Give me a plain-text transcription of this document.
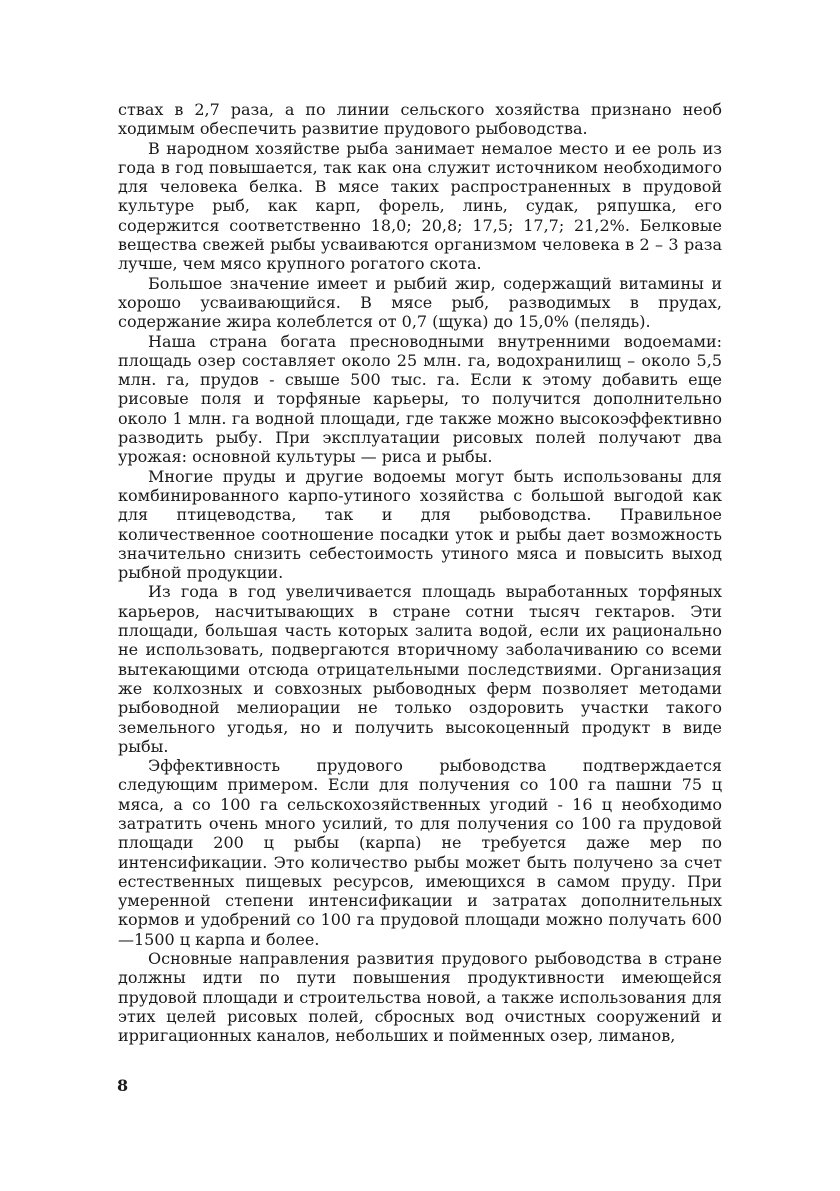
ствах в 2,7 раза, а по линии сельского хозяйства признано необ ходимым обеспечить развитие прудового рыбоводства.

В народном хозяйстве рыба занимает немалое место и ее роль из года в год повышается, так как она служит источником необходимого для человека белка. В мясе таких распространенных в прудовой культуре рыб, как карп, форель, линь, судак, ряпушка, его содержится соответственно 18,0; 20,8; 17,5; 17,7; 21,2%. Белковые вещества свежей рыбы усваиваются организмом человека в 2 – 3 раза лучше, чем мясо крупного рогатого скота.

Большое значение имеет и рыбий жир, содержащий витамины и хорошо усваивающийся. В мясе рыб, разводимых в прудах, содержание жира колеблется от 0,7 (щука) до 15,0% (пелядь).

Наша страна богата пресноводными внутренними водоемами: площадь озер составляет около 25 млн. га, водохранилищ – около 5,5 млн. га, прудов - свыше 500 тыс. га. Если к этому добавить еще рисовые поля и торфяные карьеры, то получится дополнительно около 1 млн. га водной площади, где также можно высокоэффективно разводить рыбу. При эксплуатации рисовых полей получают два урожая: основной культуры — риса и рыбы.

Многие пруды и другие водоемы могут быть использованы для комбинированного карпо-утиного хозяйства с большой выгодой как для птицеводства, так и для рыбоводства. Правильное количественное соотношение посадки уток и рыбы дает возможность значительно снизить себестоимость утиного мяса и повысить выход рыбной продукции.

Из года в год увеличивается площадь выработанных торфяных карьеров, насчитывающих в стране сотни тысяч гектаров. Эти площади, большая часть которых залита водой, если их рационально не использовать, подвергаются вторичному заболачиванию со всеми вытекающими отсюда отрицательными последствиями. Организация же колхозных и совхозных рыбоводных ферм позволяет методами рыбоводной мелиорации не только оздоровить участки такого земельного угодья, но и получить высокоценный продукт в виде рыбы.

Эффективность прудового рыбоводства подтверждается следующим примером. Если для получения со 100 га пашни 75 ц мяса, а со 100 га сельскохозяйственных угодий - 16 ц необходимо затратить очень много усилий, то для получения со 100 га прудовой площади 200 ц рыбы (карпа) не требуется даже мер по интенсификации. Это количество рыбы может быть получено за счет естественных пищевых ресурсов, имеющихся в самом пруду. При умеренной степени интенсификации и затратах дополнительных кормов и удобрений со 100 га прудовой площади можно получать 600—1500 ц карпа и более.

Основные направления развития прудового рыбоводства в стране должны идти по пути повышения продуктивности имеющейся прудовой площади и строительства новой, а также использования для этих целей рисовых полей, сбросных вод очистных сооружений и ирригационных каналов, небольших и пойменных озер, лиманов,

8
